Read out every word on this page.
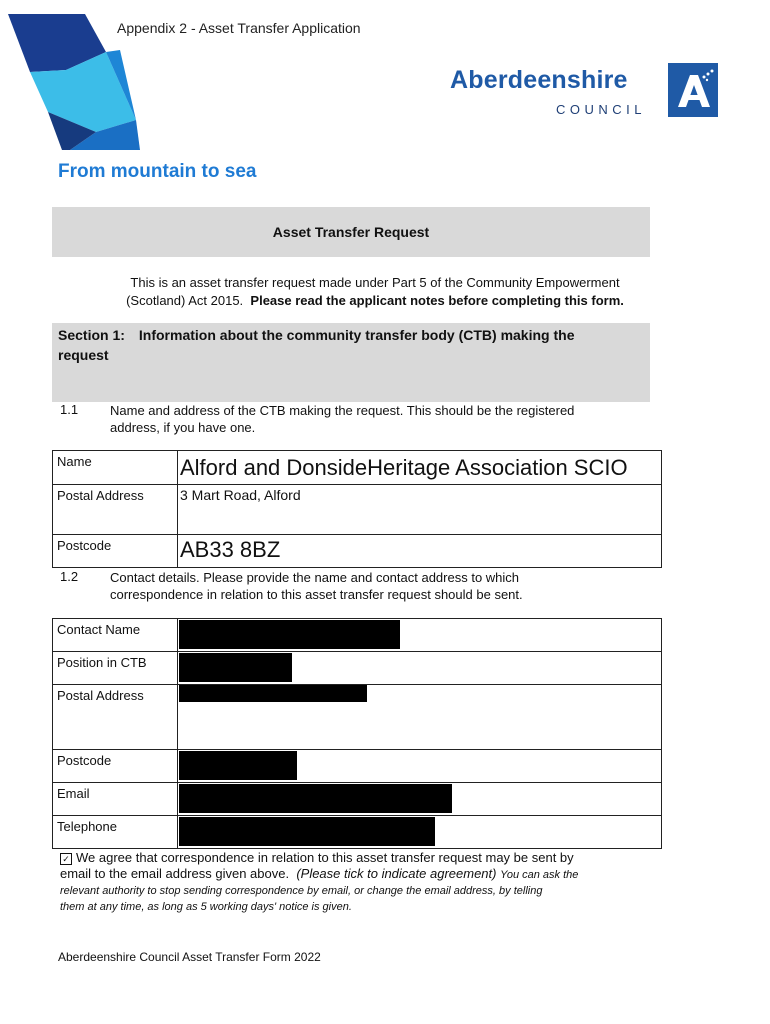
Appendix 2 - Asset Transfer Application
Aberdeenshire
COUNCIL
From mountain to sea
Asset Transfer Request
This is an asset transfer request made under Part 5 of the Community Empowerment
(Scotland) Act 2015. Please read the applicant notes before completing this form.
Section 1: Information about the community transfer body (CTB) making the
request
1.1 Name and address of the CTB making the request. This should be the registered
address, if you have one.
Name	Alford and DonsideHeritage Association SCIO
Postal Address	3 Mart Road, Alford
Postcode	AB33 8BZ
1.2 Contact details. Please provide the name and contact address to which
correspondence in relation to this asset transfer request should be sent.
Contact Name	
Position in CTB	
Postal Address	
Postcode	
Email	
Telephone	
✓ We agree that correspondence in relation to this asset transfer request may be sent by
email to the email address given above. (Please tick to indicate agreement) You can ask the
relevant authority to stop sending correspondence by email, or change the email address, by telling
them at any time, as long as 5 working days' notice is given.
Aberdeenshire Council Asset Transfer Form 2022
